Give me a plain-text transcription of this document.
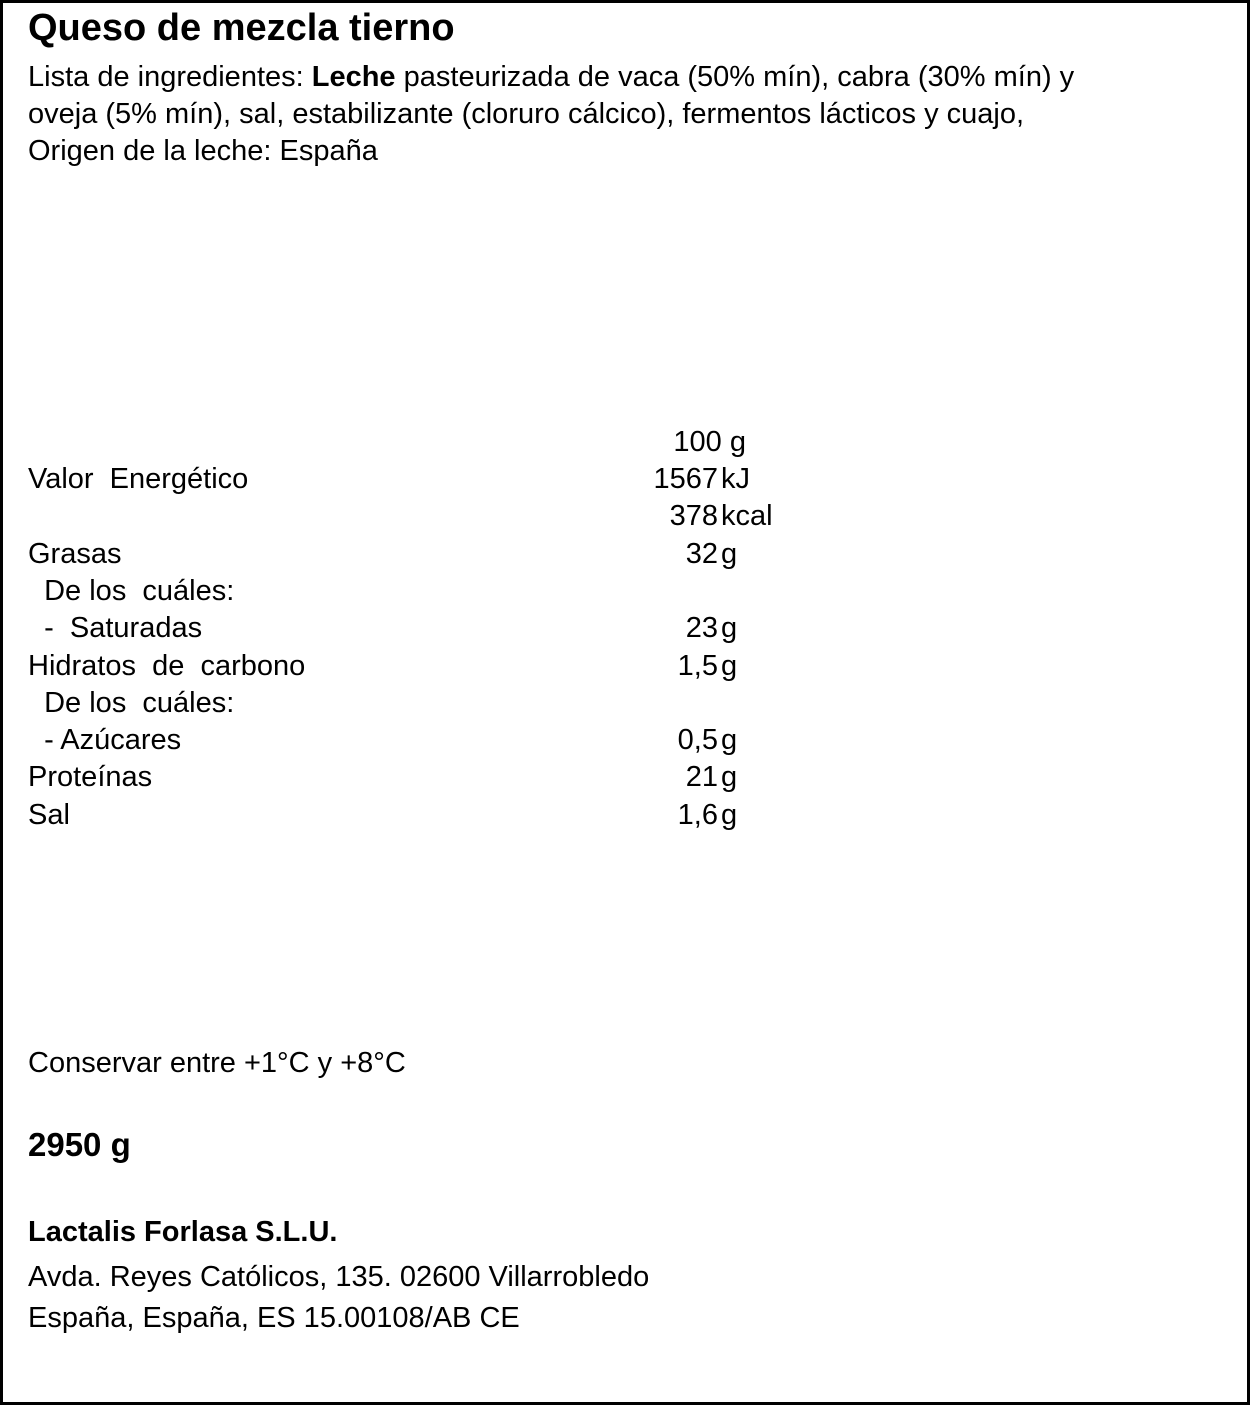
Queso de mezcla tierno
Lista de ingredientes: Leche pasteurizada de vaca (50% mín), cabra (30% mín) y
oveja (5% mín), sal, estabilizante (cloruro cálcico), fermentos lácticos y cuajo,
Origen de la leche: España
100 g
Valor  Energético	1567 kJ
378 kcal
Grasas	32 g
De los  cuáles:
-  Saturadas	23 g
Hidratos  de  carbono	1,5 g
De los  cuáles:
- Azúcares	0,5 g
Proteínas	21 g
Sal	1,6 g
Conservar entre +1°C y +8°C
2950 g
Lactalis Forlasa S.L.U.
Avda. Reyes Católicos, 135. 02600 Villarrobledo
España, España, ES 15.00108/AB CE
